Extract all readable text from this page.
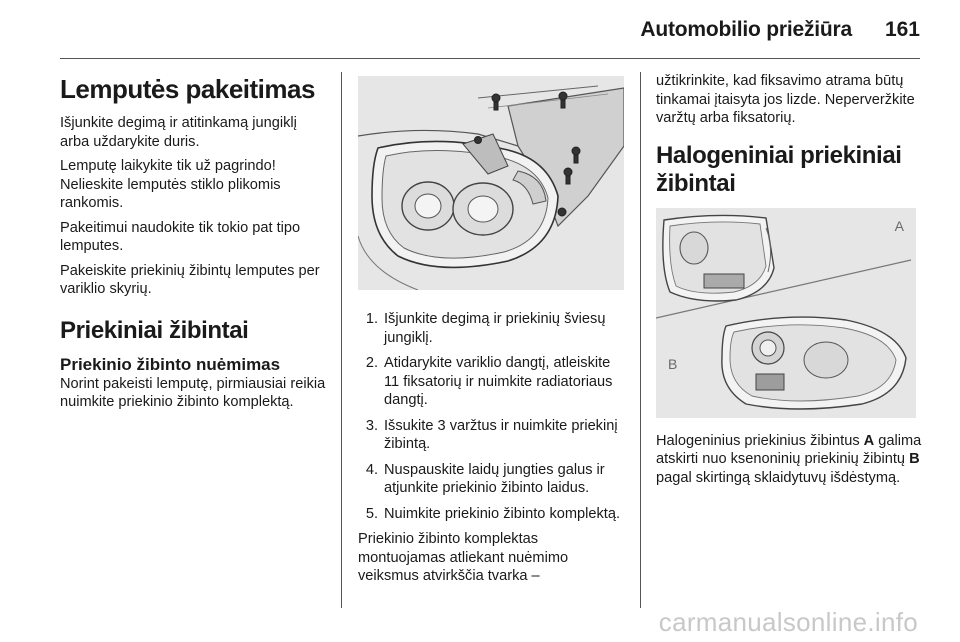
Automobilio priežiūra 161
Lemputės pakeitimas

Išjunkite degimą ir atitinkamą jungiklį arba uždarykite duris.

Lemputę laikykite tik už pagrindo! Nelieskite lemputės stiklo plikomis rankomis.

Pakeitimui naudokite tik tokio pat tipo lemputes.

Pakeiskite priekinių žibintų lemputes per variklio skyrių.

Priekiniai žibintai
Priekinio žibinto nuėmimas

Norint pakeisti lemputę, pirmiausiai reikia nuimkite priekinio žibinto komplektą.

1. Išjunkite degimą ir priekinių šviesų jungiklį.
2. Atidarykite variklio dangtį, atleiskite 11 fiksatorių ir nuimkite radiatoriaus dangtį.
3. Išsukite 3 varžtus ir nuimkite priekinį žibintą.
4. Nuspauskite laidų jungties galus ir atjunkite priekinio žibinto laidus.
5. Nuimkite priekinio žibinto komplektą.

Priekinio žibinto komplektas montuojamas atliekant nuėmimo veiksmus atvirkščia tvarka –

užtikrinkite, kad fiksavimo atrama būtų tinkamai įtaisyta jos lizde. Neperveržkite varžtų arba fiksatorių.

Halogeniniai priekiniai žibintai
A
B

Halogeninius priekinius žibintus A galima atskirti nuo ksenoninių priekinių žibintų B pagal skirtingą sklaidytuvų išdėstymą.

carmanualsonline.info
